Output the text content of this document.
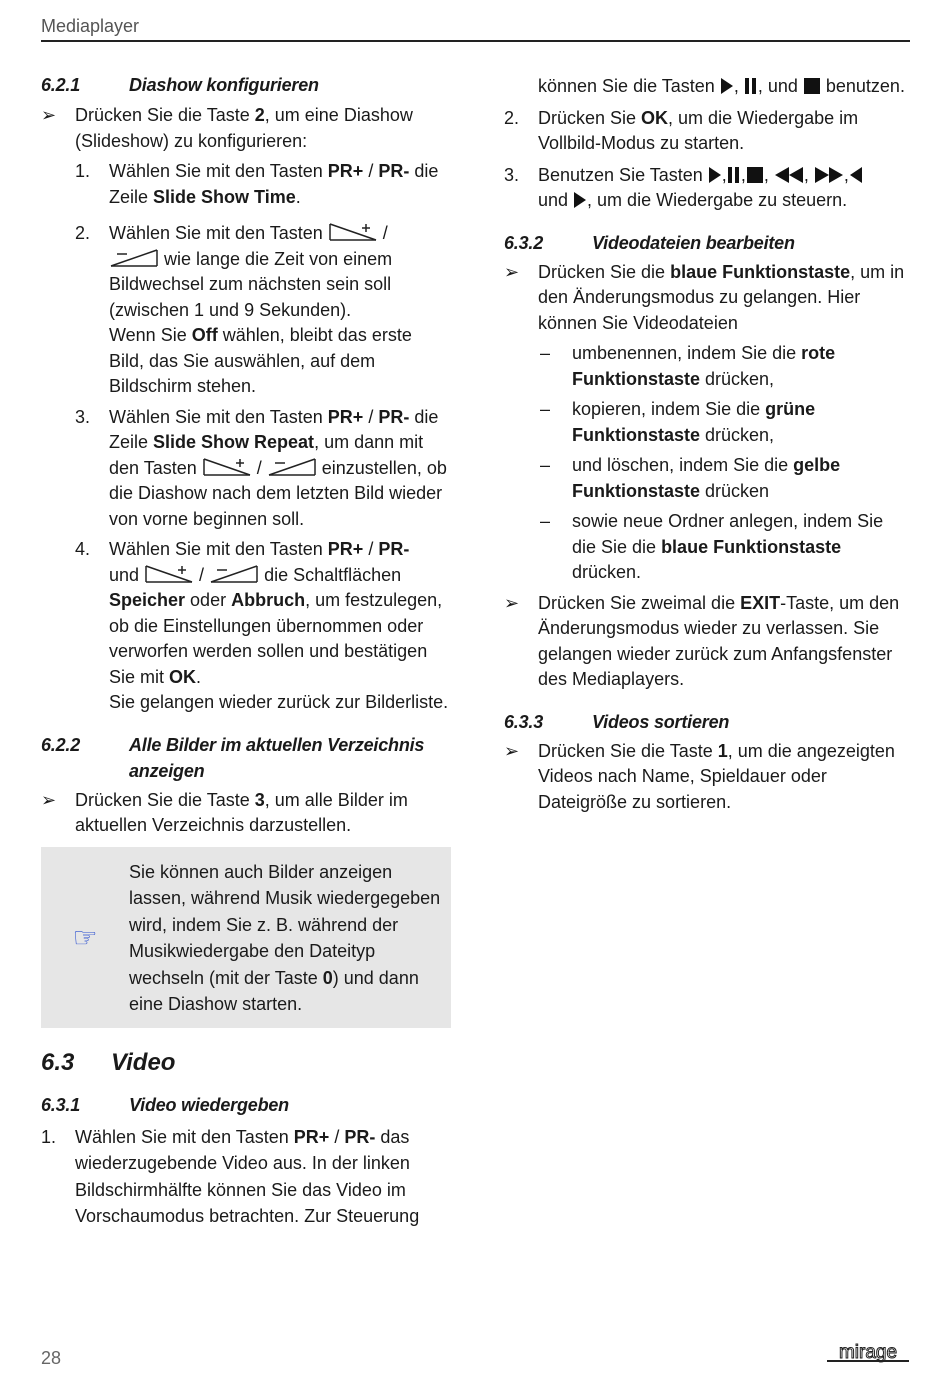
Mediaplayer
6.2.1	Diashow konfigurieren
➢	Drücken Sie die Taste 2, um eine Diashow (Slideshow) zu konfigurieren:
1.	Wählen Sie mit den Tasten PR+ / PR- die Zeile Slide Show Time.
2.	Wählen Sie mit den Tasten	/
wie lange die Zeit von einem Bildwechsel zum nächsten sein soll (zwischen 1 und 9 Sekunden).
Wenn Sie Off wählen, bleibt das erste Bild, das Sie auswählen, auf dem Bildschirm stehen.
3.	Wählen Sie mit den Tasten PR+ / PR- die Zeile Slide Show Repeat, um dann mit den Tasten	/	einzustellen, ob die Diashow nach dem letzten Bild wieder von vorne beginnen soll.
4.	Wählen Sie mit den Tasten PR+ / PR-
und	/	die Schaltflächen Speicher oder Abbruch, um festzulegen, ob die Einstellungen übernommen oder verworfen werden sollen und bestätigen Sie mit OK.
Sie gelangen wieder zurück zur Bilderliste.
6.2.2	Alle Bilder im aktuellen Verzeichnis anzeigen
➢	Drücken Sie die Taste 3, um alle Bilder im aktuellen Verzeichnis darzustellen.
☞
Sie können auch Bilder anzeigen lassen, während Musik wiedergegeben wird, indem Sie z. B. während der Musikwiedergabe den Dateityp wechseln (mit der Taste 0) und dann eine Diashow starten.
6.3	Video
6.3.1	Video wiedergeben
1.	Wählen Sie mit den Tasten PR+ / PR- das wiederzugebende Video aus. In der linken Bildschirmhälfte können Sie das Video im Vorschaumodus betrachten. Zur Steuerung
können Sie die Tasten , , und  benutzen.
2.	Drücken Sie OK, um die Wiedergabe im Vollbild-Modus zu starten.
3.	Benutzen Sie Tasten , , , , ,
und , um die Wiedergabe zu steuern.
6.3.2	Videodateien bearbeiten
➢	Drücken Sie die blaue Funktionstaste, um in den Änderungsmodus zu gelangen. Hier können Sie Videodateien
–	umbenennen, indem Sie die rote Funktionstaste drücken,
–	kopieren, indem Sie die grüne Funktionstaste drücken,
–	und löschen, indem Sie die gelbe Funktionstaste drücken
–	sowie neue Ordner anlegen, indem Sie die Sie die blaue Funktionstaste drücken.
➢	Drücken Sie zweimal die EXIT-Taste, um den Änderungsmodus wieder zu verlassen. Sie gelangen wieder zurück zum Anfangsfenster des Mediaplayers.
6.3.3	Videos sortieren
➢	Drücken Sie die Taste 1, um die angezeigten Videos nach Name, Spieldauer oder Dateigröße zu sortieren.
28	mirage
